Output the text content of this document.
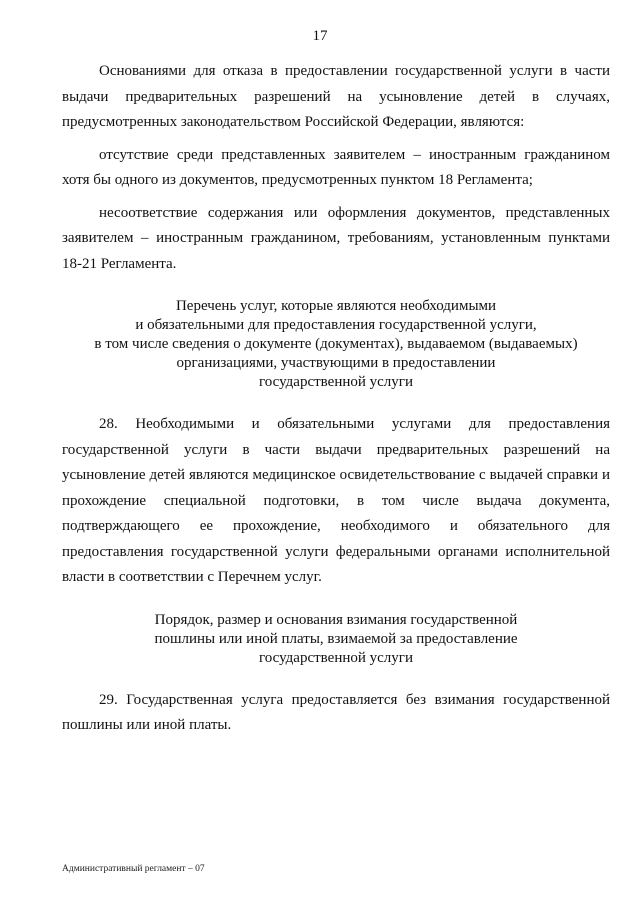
17

Основаниями для отказа в предоставлении государственной услуги в части выдачи предварительных разрешений на усыновление детей в случаях, предусмотренных законодательством Российской Федерации, являются:

отсутствие среди представленных заявителем – иностранным гражданином хотя бы одного из документов, предусмотренных пунктом 18 Регламента;

несоответствие содержания или оформления документов, представленных заявителем – иностранным гражданином, требованиям, установленным пунктами 18-21 Регламента.

Перечень услуг, которые являются необходимыми
и обязательными для предоставления государственной услуги,
в том числе сведения о документе (документах), выдаваемом (выдаваемых)
организациями, участвующими в предоставлении
государственной услуги

28. Необходимыми и обязательными услугами для предоставления государственной услуги в части выдачи предварительных разрешений на усыновление детей являются медицинское освидетельствование с выдачей справки и прохождение специальной подготовки, в том числе выдача документа, подтверждающего ее прохождение, необходимого и обязательного для предоставления государственной услуги федеральными органами исполнительной власти в соответствии с Перечнем услуг.

Порядок, размер и основания взимания государственной
пошлины или иной платы, взимаемой за предоставление
государственной услуги

29. Государственная услуга предоставляется без взимания государственной пошлины или иной платы.

Административный регламент – 07
